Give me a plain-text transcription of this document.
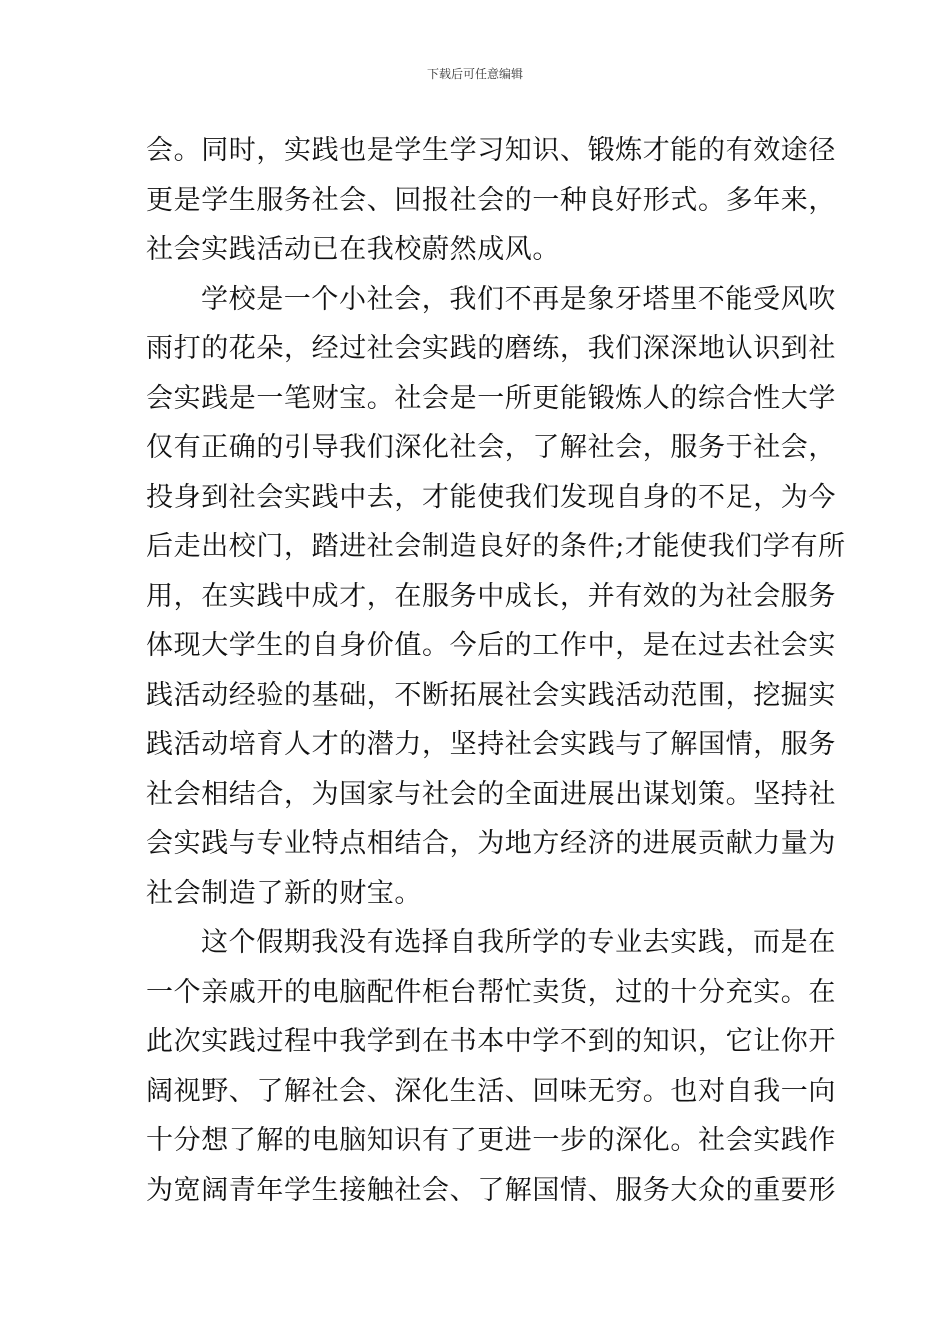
下载后可任意编辑
会。同时，实践也是学生学习知识、锻炼才能的有效途径
更是学生服务社会、回报社会的一种良好形式。多年来，
社会实践活动已在我校蔚然成风。
学校是一个小社会，我们不再是象牙塔里不能受风吹
雨打的花朵，经过社会实践的磨练，我们深深地认识到社
会实践是一笔财宝。社会是一所更能锻炼人的综合性大学
仅有正确的引导我们深化社会，了解社会，服务于社会，
投身到社会实践中去，才能使我们发现自身的不足，为今
后走出校门，踏进社会制造良好的条件;才能使我们学有所
用，在实践中成才，在服务中成长，并有效的为社会服务
体现大学生的自身价值。今后的工作中，是在过去社会实
践活动经验的基础，不断拓展社会实践活动范围，挖掘实
践活动培育人才的潜力，坚持社会实践与了解国情，服务
社会相结合，为国家与社会的全面进展出谋划策。坚持社
会实践与专业特点相结合，为地方经济的进展贡献力量为
社会制造了新的财宝。
这个假期我没有选择自我所学的专业去实践，而是在
一个亲戚开的电脑配件柜台帮忙卖货，过的十分充实。在
此次实践过程中我学到在书本中学不到的知识，它让你开
阔视野、了解社会、深化生活、回味无穷。也对自我一向
十分想了解的电脑知识有了更进一步的深化。社会实践作
为宽阔青年学生接触社会、了解国情、服务大众的重要形
